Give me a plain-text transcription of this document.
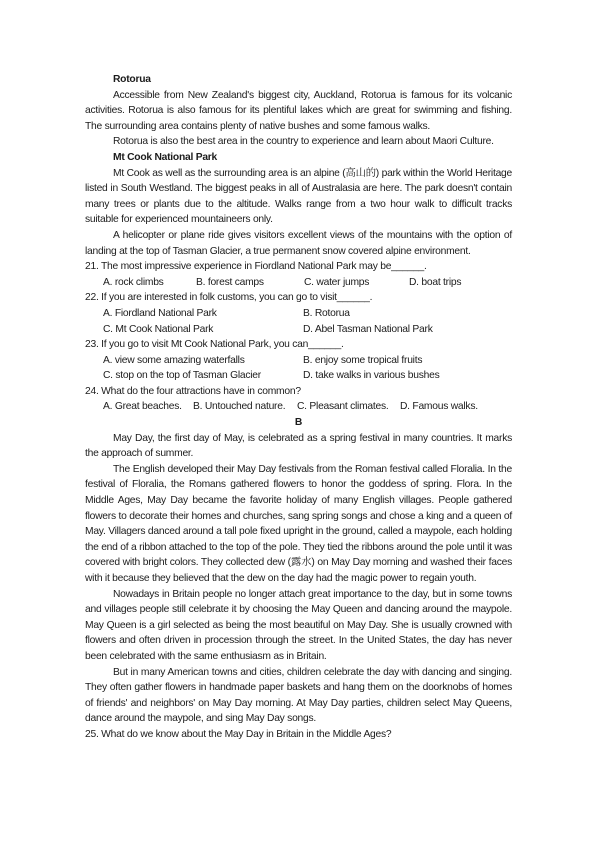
Rotorua

Accessible from New Zealand's biggest city, Auckland, Rotorua is famous for its volcanic activities. Rotorua is also famous for its plentiful lakes which are great for swimming and fishing. The surrounding area contains plenty of native bushes and some famous walks.

Rotorua is also the best area in the country to experience and learn about Maori Culture.

Mt Cook National Park

Mt Cook as well as the surrounding area is an alpine (高山的) park within the World Heritage listed in South Westland. The biggest peaks in all of Australasia are here. The park doesn't contain many trees or plants due to the altitude. Walks range from a two hour walk to difficult tracks suitable for experienced mountaineers only.

A helicopter or plane ride gives visitors excellent views of the mountains with the option of landing at the top of Tasman Glacier, a true permanent snow covered alpine environment.

21. The most impressive experience in Fiordland National Park may be______.
A. rock climbs	B. forest camps	C. water jumps	D. boat trips
22. If you are interested in folk customs, you can go to visit______.
A. Fiordland National Park	B. Rotorua
C. Mt Cook National Park	D. Abel Tasman National Park
23. If you go to visit Mt Cook National Park, you can______.
A. view some amazing waterfalls	B. enjoy some tropical fruits
C. stop on the top of Tasman Glacier	D. take walks in various bushes
24. What do the four attractions have in common?
A. Great beaches.	B. Untouched nature.	C. Pleasant climates.	D. Famous walks.
B

May Day, the first day of May, is celebrated as a spring festival in many countries. It marks the approach of summer.

The English developed their May Day festivals from the Roman festival called Floralia. In the festival of Floralia, the Romans gathered flowers to honor the goddess of spring. Flora. In the Middle Ages, May Day became the favorite holiday of many English villages. People gathered flowers to decorate their homes and churches, sang spring songs and chose a king and a queen of May. Villagers danced around a tall pole fixed upright in the ground, called a maypole, each holding the end of a ribbon attached to the top of the pole. They tied the ribbons around the pole until it was covered with bright colors. They collected dew (露水) on May Day morning and washed their faces with it because they believed that the dew on the day had the magic power to regain youth.

Nowadays in Britain people no longer attach great importance to the day, but in some towns and villages people still celebrate it by choosing the May Queen and dancing around the maypole. May Queen is a girl selected as being the most beautiful on May Day. She is usually crowned with flowers and often driven in procession through the street. In the United States, the day has never been celebrated with the same enthusiasm as in Britain.

But in many American towns and cities, children celebrate the day with dancing and singing. They often gather flowers in handmade paper baskets and hang them on the doorknobs of homes of friends' and neighbors' on May Day morning. At May Day parties, children select May Queens, dance around the maypole, and sing May Day songs.

25. What do we know about the May Day in Britain in the Middle Ages?
